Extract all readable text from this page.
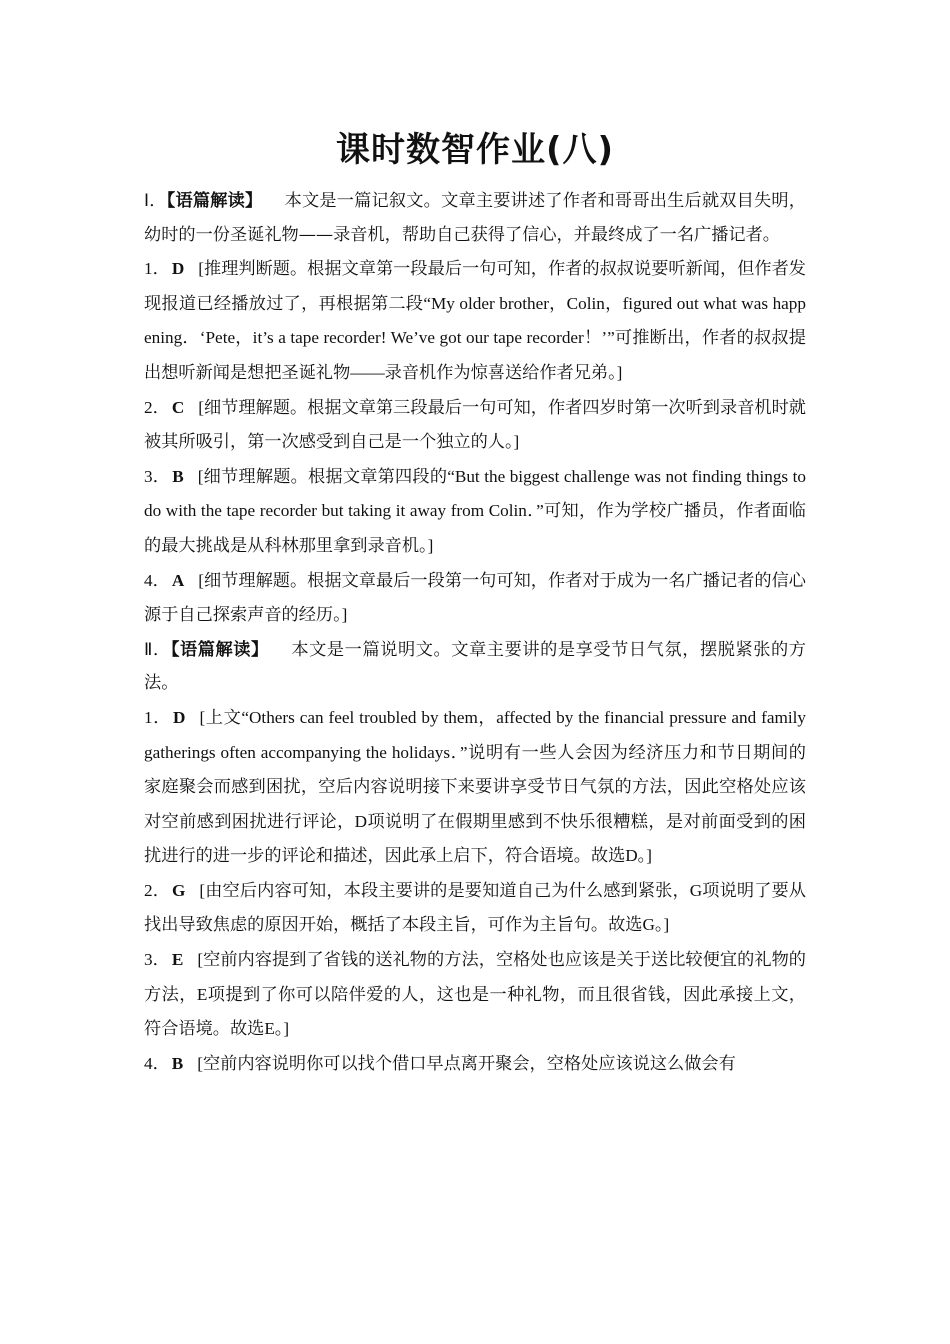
课时数智作业(八)

Ⅰ．【语篇解读】 本文是一篇记叙文。文章主要讲述了作者和哥哥出生后就双目失明，幼时的一份圣诞礼物——录音机，帮助自己获得了信心，并最终成了一名广播记者。

1． D [推理判断题。根据文章第一段最后一句可知，作者的叔叔说要听新闻，但作者发现报道已经播放过了，再根据第二段“My older brother，Colin，figured out what was happening．‘Pete，it’s a tape recorder! We’ve got our tape recorder！’”可推断出，作者的叔叔提出想听新闻是想把圣诞礼物——录音机作为惊喜送给作者兄弟。]

2． C [细节理解题。根据文章第三段最后一句可知，作者四岁时第一次听到录音机时就被其所吸引，第一次感受到自己是一个独立的人。]

3． B [细节理解题。根据文章第四段的“But the biggest challenge was not finding things to do with the tape recorder but taking it away from Colin．”可知，作为学校广播员，作者面临的最大挑战是从科林那里拿到录音机。]

4． A [细节理解题。根据文章最后一段第一句可知，作者对于成为一名广播记者的信心源于自己探索声音的经历。]

Ⅱ．【语篇解读】 本文是一篇说明文。文章主要讲的是享受节日气氛，摆脱紧张的方法。

1． D [上文“Others can feel troubled by them，affected by the financial pressure and family gatherings often accompanying the holidays．”说明有一些人会因为经济压力和节日期间的家庭聚会而感到困扰，空后内容说明接下来要讲享受节日气氛的方法，因此空格处应该对空前感到困扰进行评论，D项说明了在假期里感到不快乐很糟糕，是对前面受到的困扰进行的进一步的评论和描述，因此承上启下，符合语境。故选D。]

2． G [由空后内容可知，本段主要讲的是要知道自己为什么感到紧张，G项说明了要从找出导致焦虑的原因开始，概括了本段主旨，可作为主旨句。故选G。]

3． E [空前内容提到了省钱的送礼物的方法，空格处也应该是关于送比较便宜的礼物的方法，E项提到了你可以陪伴爱的人，这也是一种礼物，而且很省钱，因此承接上文，符合语境。故选E。]

4． B [空前内容说明你可以找个借口早点离开聚会，空格处应该说这么做会有
